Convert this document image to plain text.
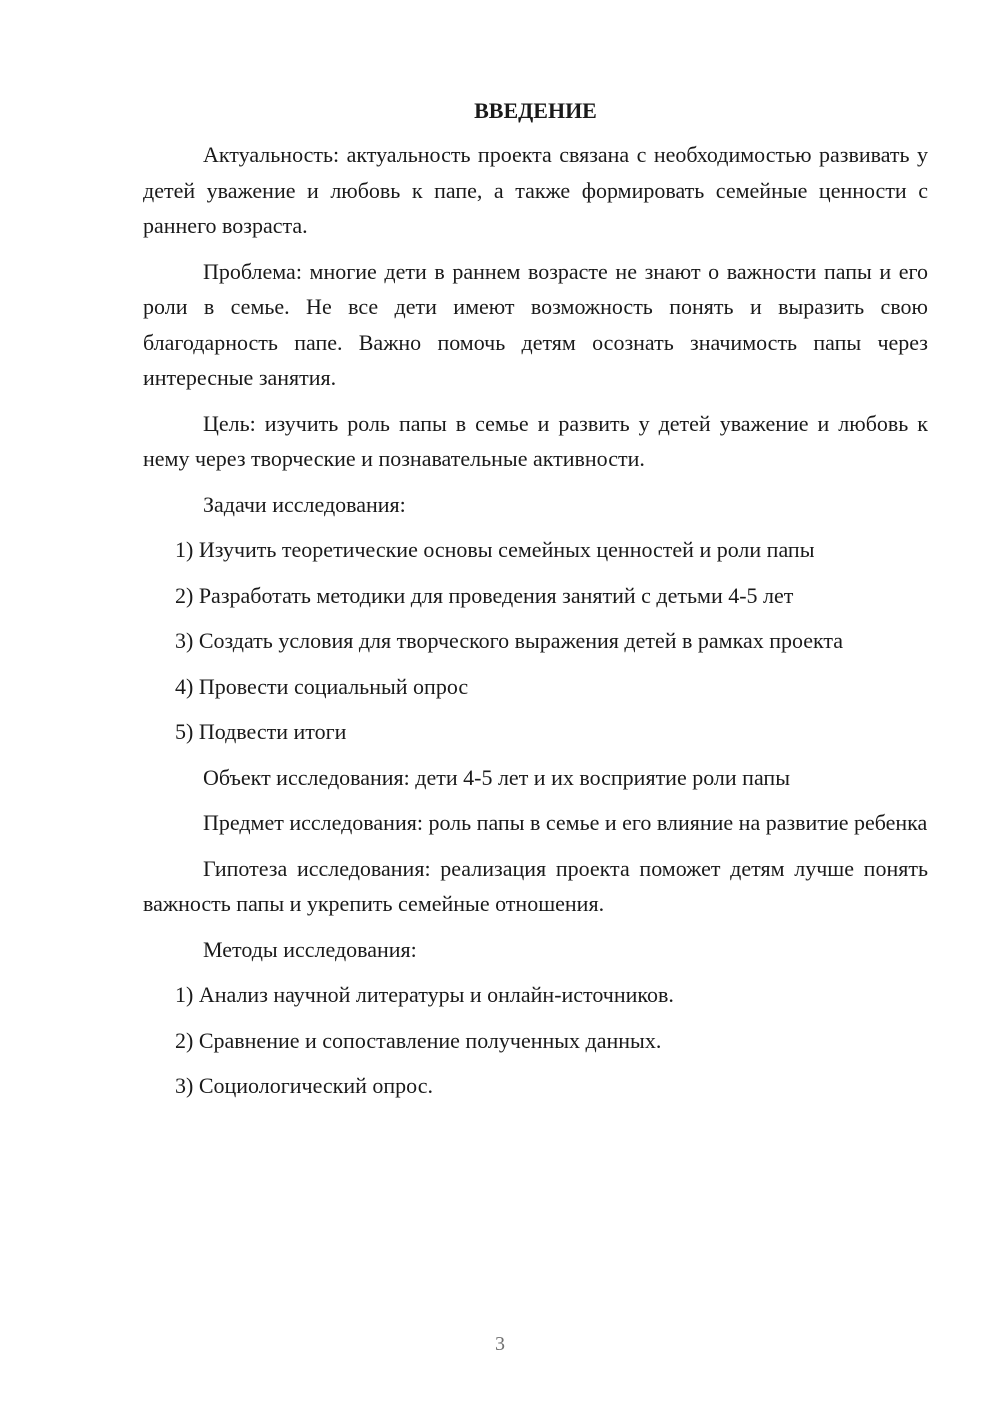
ВВЕДЕНИЕ

Актуальность: актуальность проекта связана с необходимостью развивать у детей уважение и любовь к папе, а также формировать семейные ценности с раннего возраста.

Проблема: многие дети в раннем возрасте не знают о важности папы и его роли в семье. Не все дети имеют возможность понять и выразить свою благодарность папе. Важно помочь детям осознать значимость папы через интересные занятия.

Цель: изучить роль папы в семье и развить у детей уважение и любовь к нему через творческие и познавательные активности.

Задачи исследования:

1) Изучить теоретические основы семейных ценностей и роли папы

2) Разработать методики для проведения занятий с детьми 4-5 лет

3) Создать условия для творческого выражения детей в рамках проекта

4) Провести социальный опрос

5) Подвести итоги

Объект исследования: дети 4-5 лет и их восприятие роли папы

Предмет исследования: роль папы в семье и его влияние на развитие ребенка

Гипотеза исследования: реализация проекта поможет детям лучше понять важность папы и укрепить семейные отношения.

Методы исследования:

1) Анализ научной литературы и онлайн-источников.

2) Сравнение и сопоставление полученных данных.

3) Социологический опрос.

3
